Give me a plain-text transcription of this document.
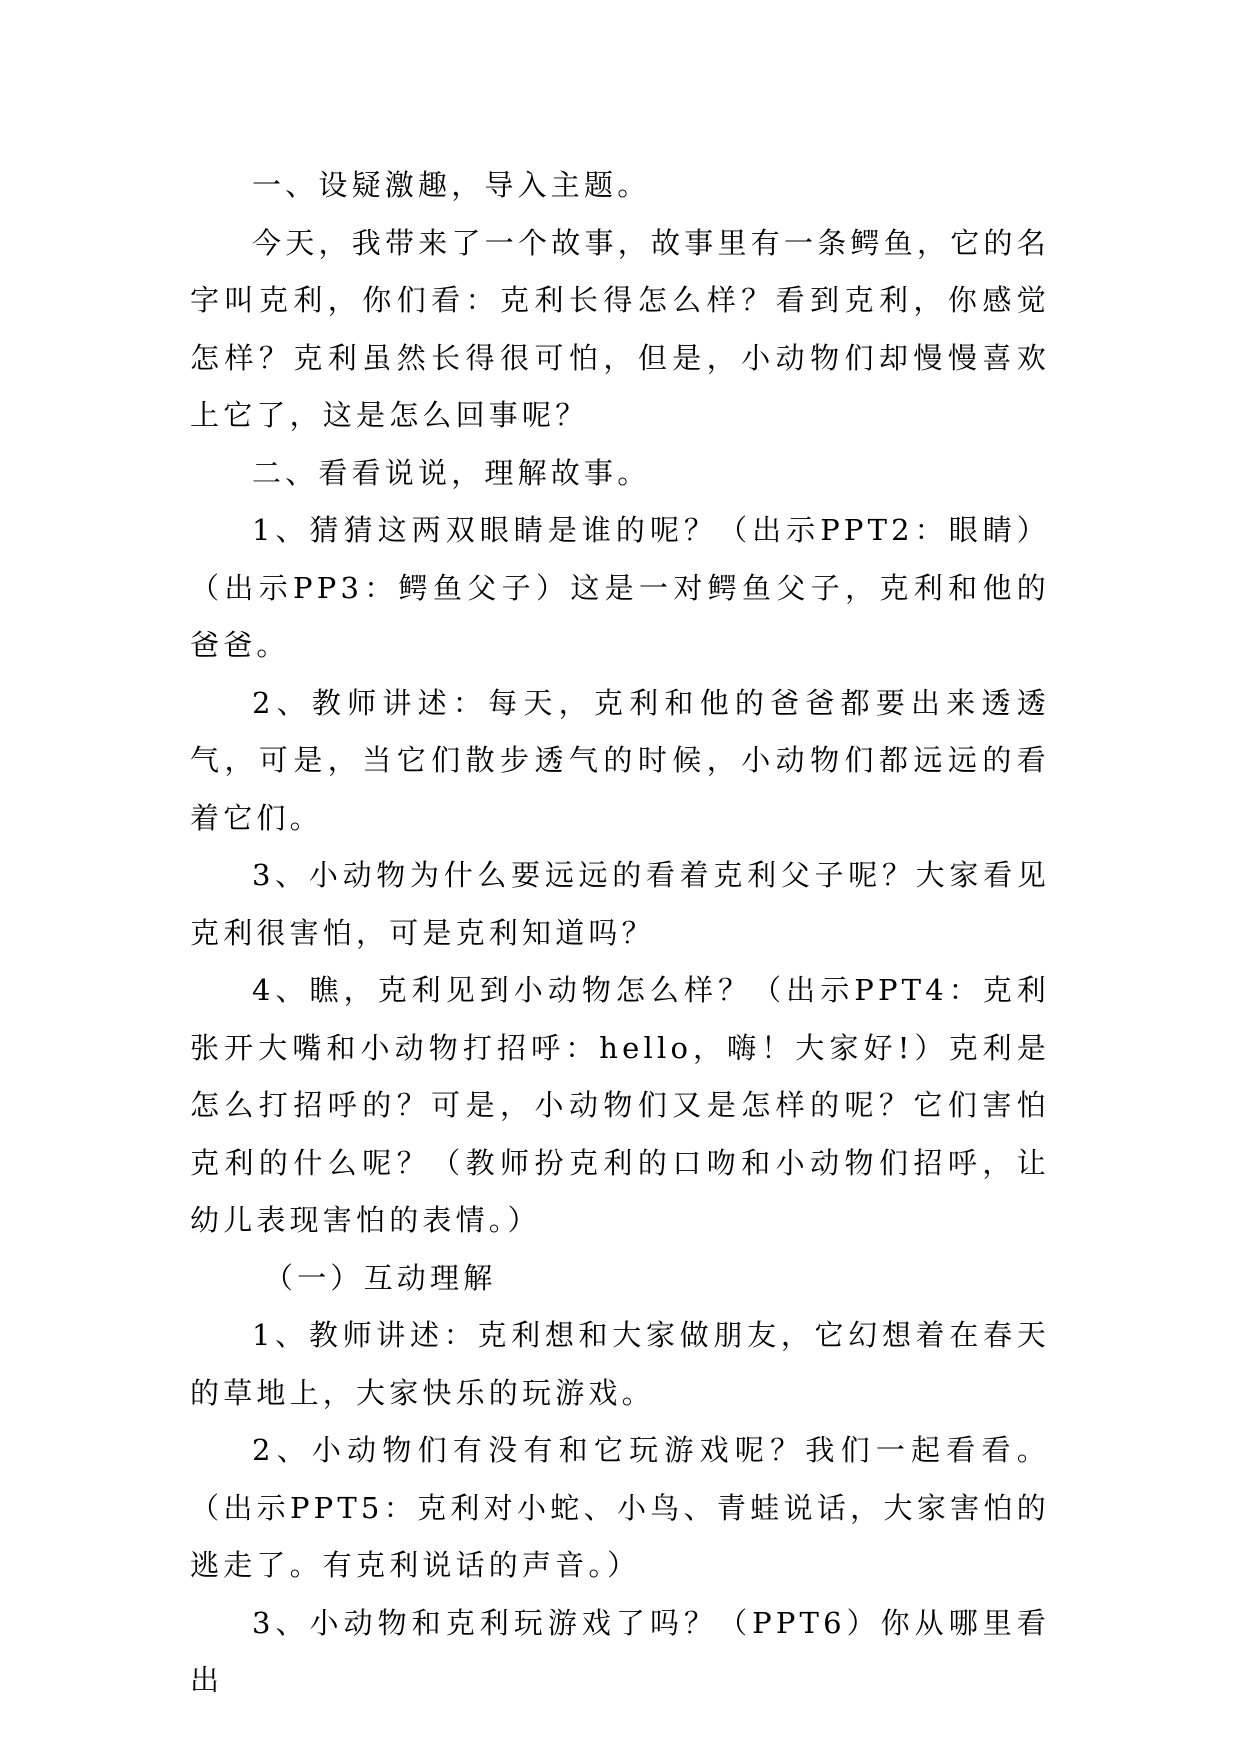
一、设疑激趣，导入主题。

今天，我带来了一个故事，故事里有一条鳄鱼，它的名字叫克利，你们看：克利长得怎么样？看到克利，你感觉怎样？克利虽然长得很可怕，但是，小动物们却慢慢喜欢上它了，这是怎么回事呢？

二、看看说说，理解故事。

1、猜猜这两双眼睛是谁的呢？（出示PPT2：眼睛）（出示PP3：鳄鱼父子）这是一对鳄鱼父子，克利和他的爸爸。

2、教师讲述：每天，克利和他的爸爸都要出来透透气，可是，当它们散步透气的时候，小动物们都远远的看着它们。

3、小动物为什么要远远的看着克利父子呢？大家看见克利很害怕，可是克利知道吗？

4、瞧，克利见到小动物怎么样？（出示PPT4：克利张开大嘴和小动物打招呼：hello，嗨！大家好!）克利是怎么打招呼的？可是，小动物们又是怎样的呢？它们害怕克利的什么呢？（教师扮克利的口吻和小动物们招呼，让幼儿表现害怕的表情。）

（一）互动理解

1、教师讲述：克利想和大家做朋友，它幻想着在春天的草地上，大家快乐的玩游戏。

2、小动物们有没有和它玩游戏呢？我们一起看看。（出示PPT5：克利对小蛇、小鸟、青蛙说话，大家害怕的逃走了。有克利说话的声音。）

3、小动物和克利玩游戏了吗？（PPT6）你从哪里看出
